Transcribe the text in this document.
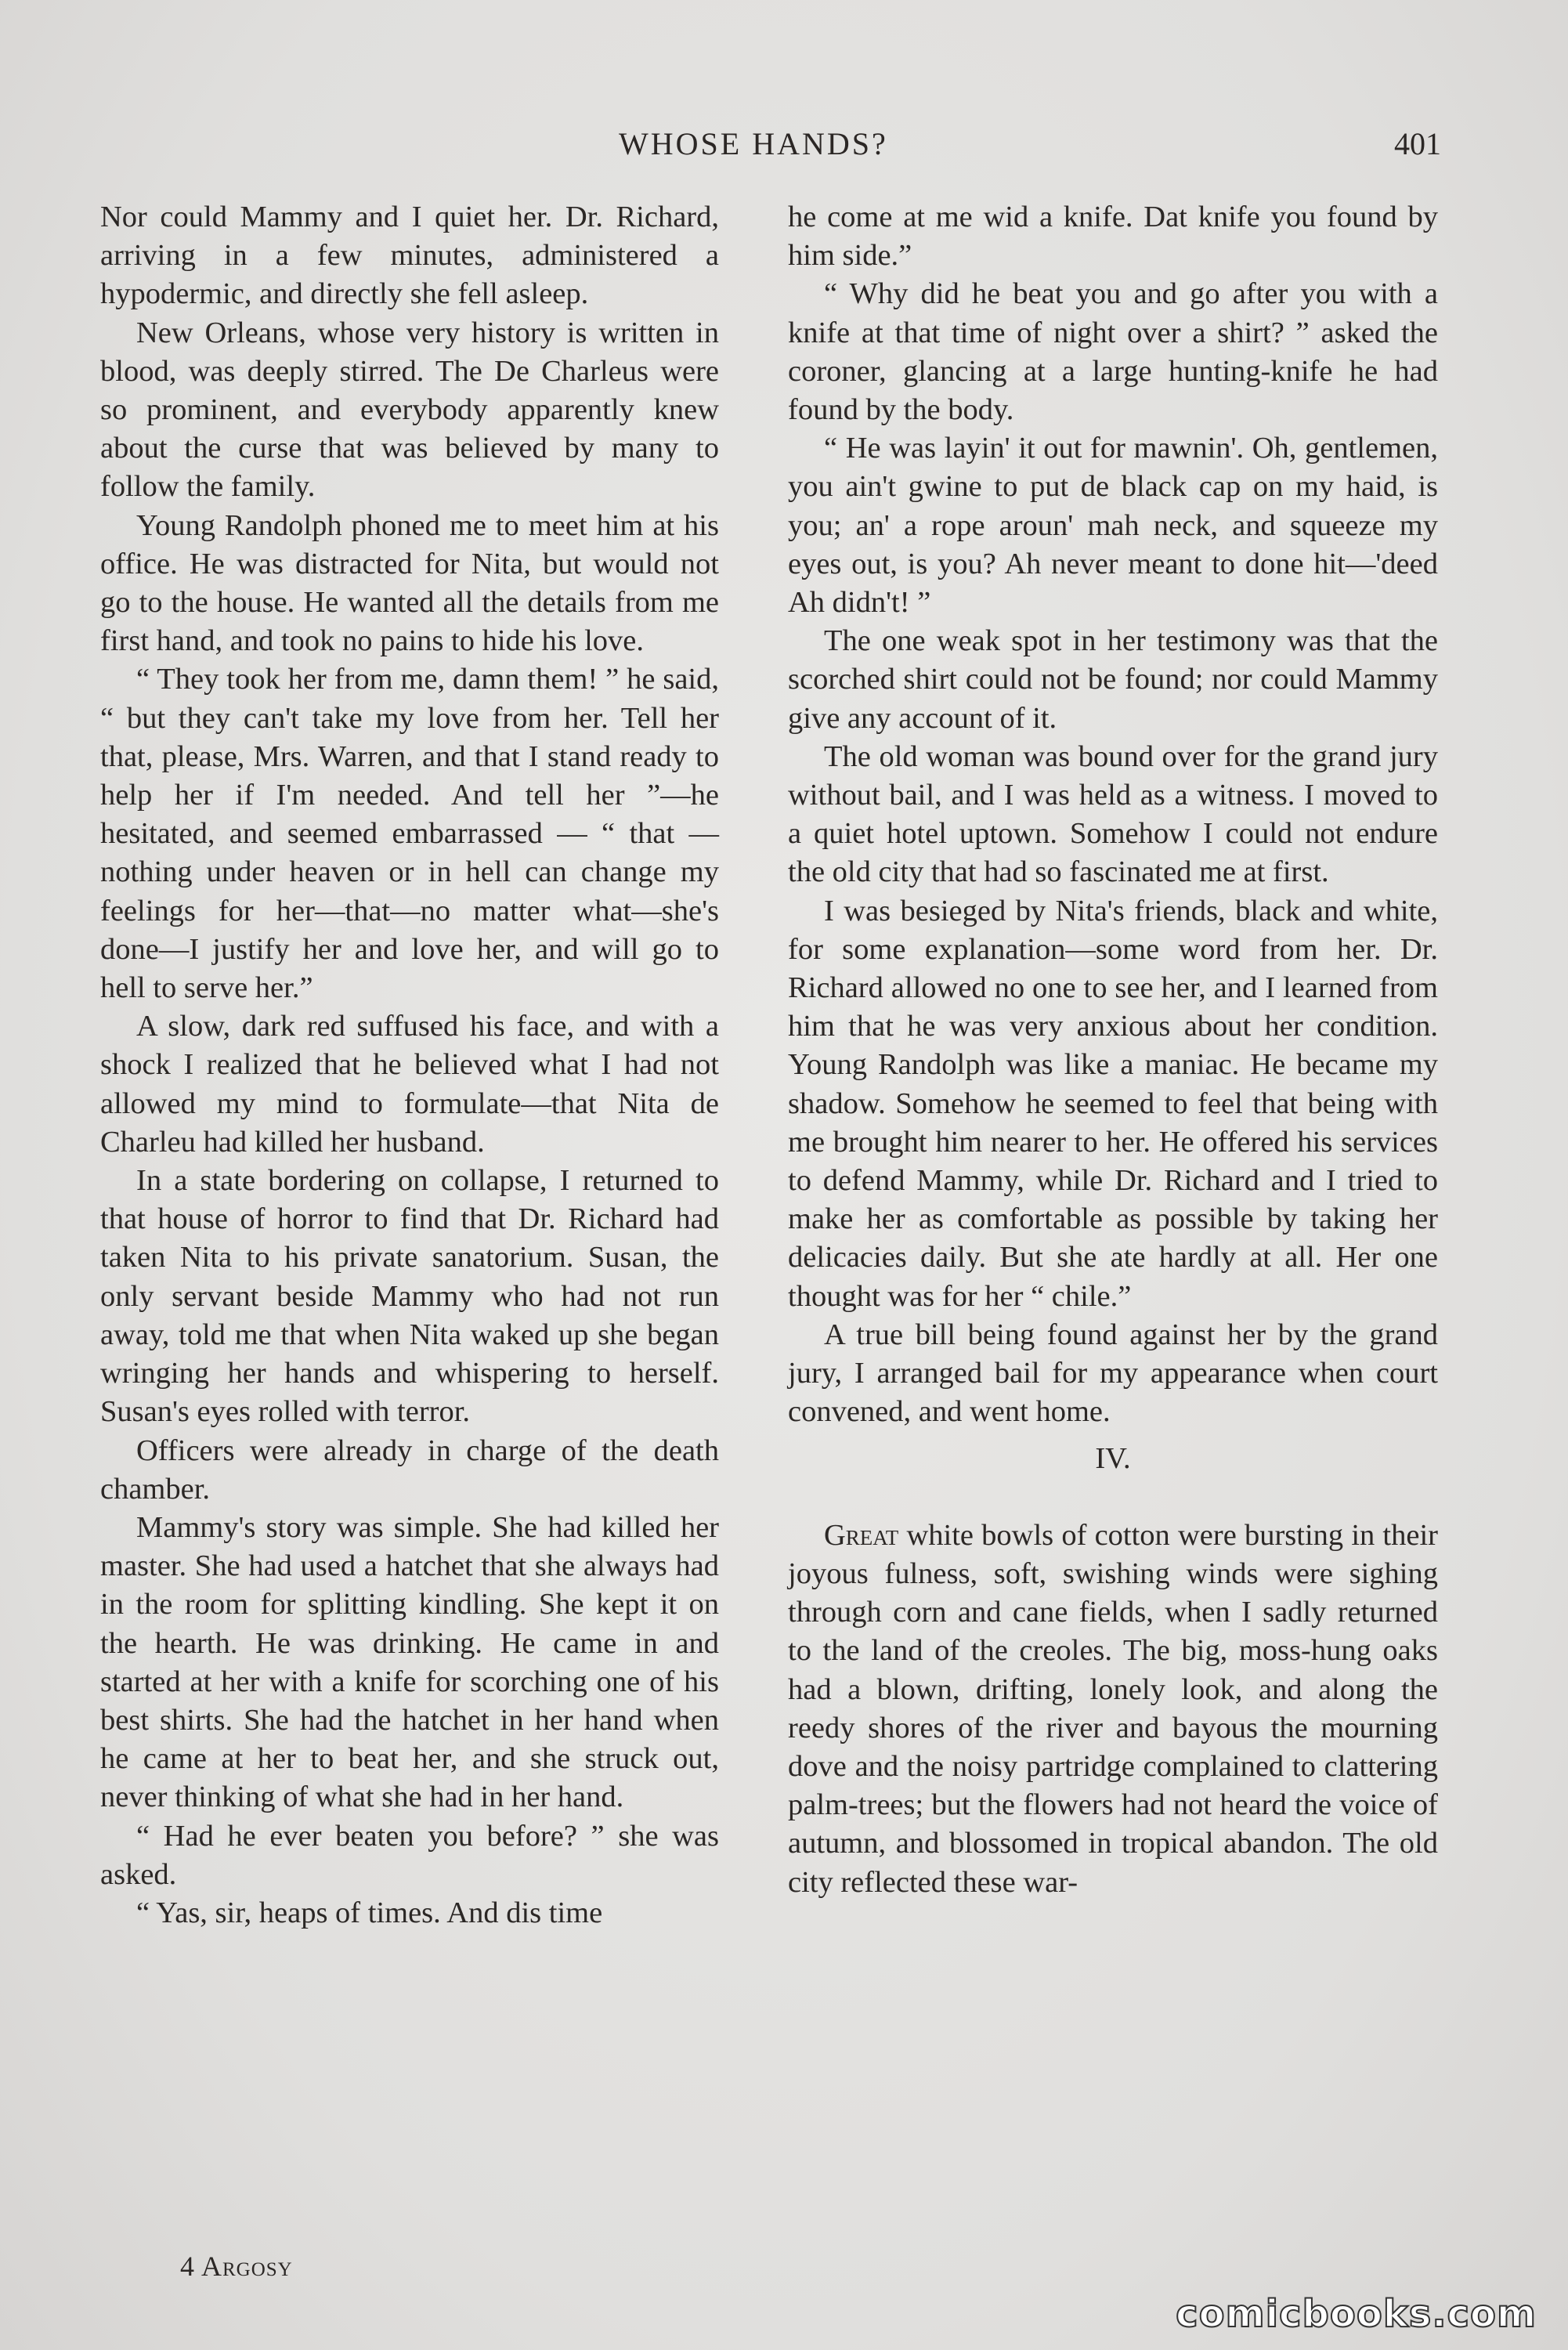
WHOSE HANDS?	401

Nor could Mammy and I quiet her. Dr. Richard, arriving in a few minutes, administered a hypodermic, and directly she fell asleep.

New Orleans, whose very history is written in blood, was deeply stirred. The De Charleus were so prominent, and everybody apparently knew about the curse that was believed by many to follow the family.

Young Randolph phoned me to meet him at his office. He was distracted for Nita, but would not go to the house. He wanted all the details from me first hand, and took no pains to hide his love.

“ They took her from me, damn them! ” he said, “ but they can't take my love from her. Tell her that, please, Mrs. Warren, and that I stand ready to help her if I'm needed. And tell her ”—he hesitated, and seemed embarrassed — “ that — nothing under heaven or in hell can change my feelings for her—that—no matter what—she's done—I justify her and love her, and will go to hell to serve her.”

A slow, dark red suffused his face, and with a shock I realized that he believed what I had not allowed my mind to formulate—that Nita de Charleu had killed her husband.

In a state bordering on collapse, I returned to that house of horror to find that Dr. Richard had taken Nita to his private sanatorium. Susan, the only servant beside Mammy who had not run away, told me that when Nita waked up she began wringing her hands and whispering to herself. Susan's eyes rolled with terror.

Officers were already in charge of the death chamber.

Mammy's story was simple. She had killed her master. She had used a hatchet that she always had in the room for splitting kindling. She kept it on the hearth. He was drinking. He came in and started at her with a knife for scorching one of his best shirts. She had the hatchet in her hand when he came at her to beat her, and she struck out, never thinking of what she had in her hand.

“ Had he ever beaten you before? ” she was asked.

“ Yas, sir, heaps of times. And dis time

he come at me wid a knife. Dat knife you found by him side.”

“ Why did he beat you and go after you with a knife at that time of night over a shirt? ” asked the coroner, glancing at a large hunting-knife he had found by the body.

“ He was layin' it out for mawnin'. Oh, gentlemen, you ain't gwine to put de black cap on my haid, is you; an' a rope aroun' mah neck, and squeeze my eyes out, is you? Ah never meant to done hit—'deed Ah didn't! ”

The one weak spot in her testimony was that the scorched shirt could not be found; nor could Mammy give any account of it.

The old woman was bound over for the grand jury without bail, and I was held as a witness. I moved to a quiet hotel uptown. Somehow I could not endure the old city that had so fascinated me at first.

I was besieged by Nita's friends, black and white, for some explanation—some word from her. Dr. Richard allowed no one to see her, and I learned from him that he was very anxious about her condition. Young Randolph was like a maniac. He became my shadow. Somehow he seemed to feel that being with me brought him nearer to her. He offered his services to defend Mammy, while Dr. Richard and I tried to make her as comfortable as possible by taking her delicacies daily. But she ate hardly at all. Her one thought was for her “ chile.”

A true bill being found against her by the grand jury, I arranged bail for my appearance when court convened, and went home.

IV.

Great white bowls of cotton were bursting in their joyous fulness, soft, swishing winds were sighing through corn and cane fields, when I sadly returned to the land of the creoles. The big, moss-hung oaks had a blown, drifting, lonely look, and along the reedy shores of the river and bayous the mourning dove and the noisy partridge complained to clattering palm-trees; but the flowers had not heard the voice of autumn, and blossomed in tropical abandon. The old city reflected these war-

4 Argosy
comicbooks.com
